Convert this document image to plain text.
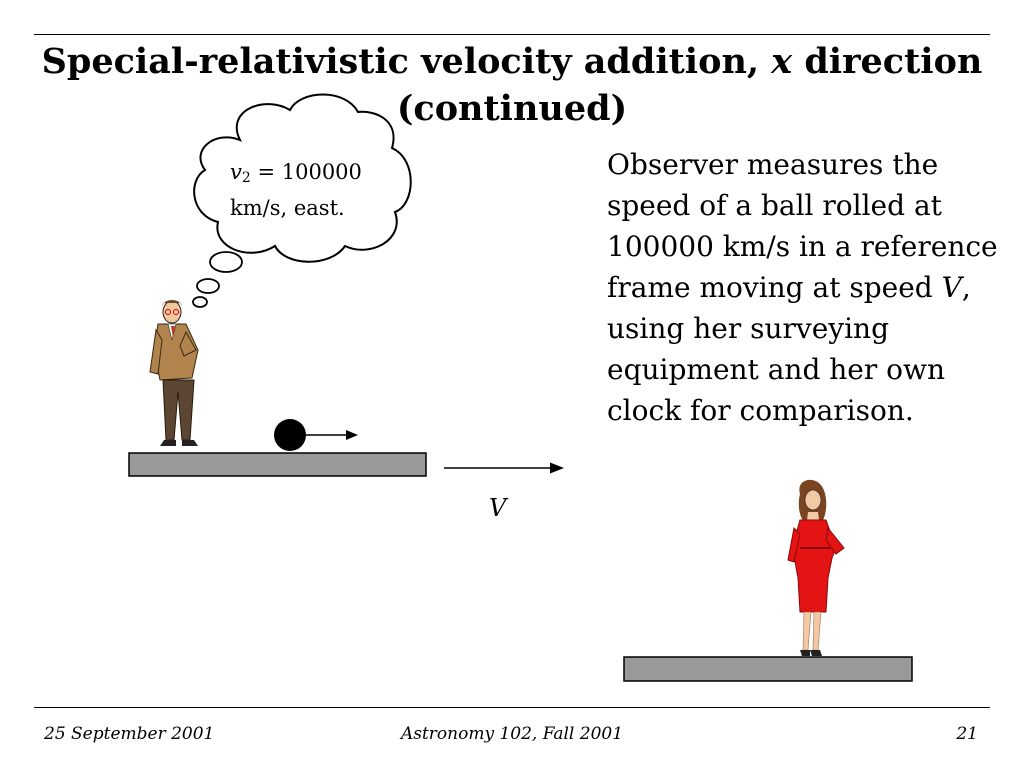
Special-relativistic velocity addition, x direction
(continued)
$v_2 = 100000$
km/s, east.
Observer measures the speed of a ball rolled at 100000 km/s in a reference frame moving at speed V, using her surveying equipment and her own clock for comparison.
V
25 September 2001	Astronomy 102, Fall 2001	21
